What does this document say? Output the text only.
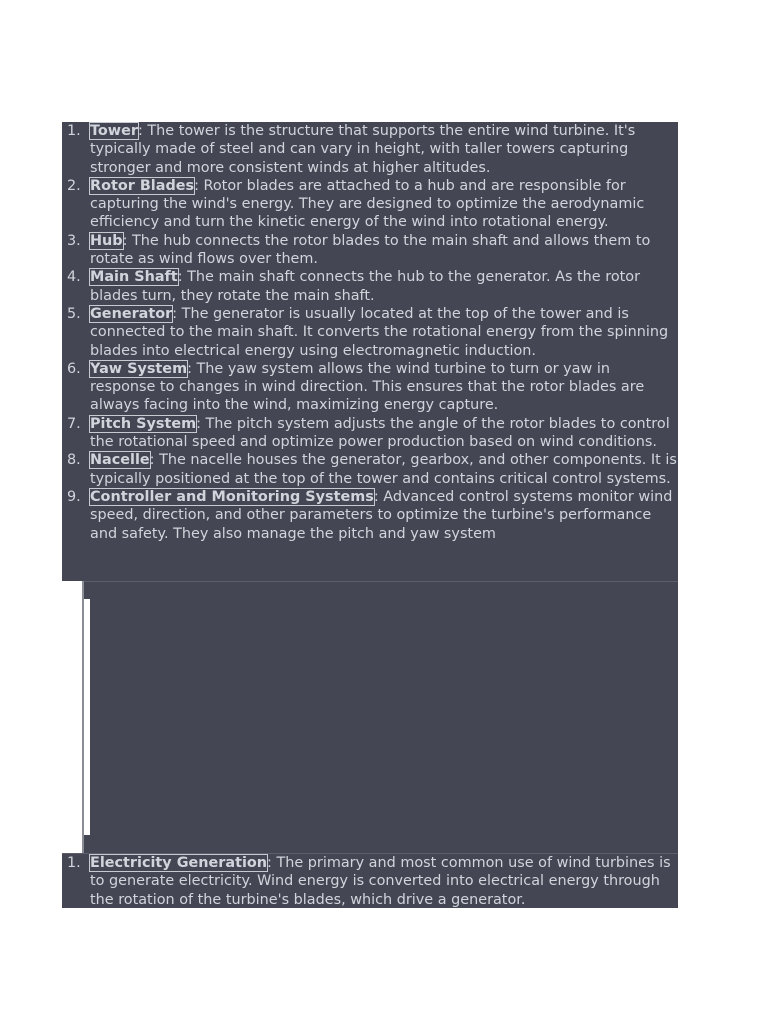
1. Tower: The tower is the structure that supports the entire wind turbine. It's typically made of steel and can vary in height, with taller towers capturing stronger and more consistent winds at higher altitudes.
2. Rotor Blades: Rotor blades are attached to a hub and are responsible for capturing the wind's energy. They are designed to optimize the aerodynamic efficiency and turn the kinetic energy of the wind into rotational energy.
3. Hub: The hub connects the rotor blades to the main shaft and allows them to rotate as wind flows over them.
4. Main Shaft: The main shaft connects the hub to the generator. As the rotor blades turn, they rotate the main shaft.
5. Generator: The generator is usually located at the top of the tower and is connected to the main shaft. It converts the rotational energy from the spinning blades into electrical energy using electromagnetic induction.
6. Yaw System: The yaw system allows the wind turbine to turn or yaw in response to changes in wind direction. This ensures that the rotor blades are always facing into the wind, maximizing energy capture.
7. Pitch System: The pitch system adjusts the angle of the rotor blades to control the rotational speed and optimize power production based on wind conditions.
8. Nacelle: The nacelle houses the generator, gearbox, and other components. It is typically positioned at the top of the tower and contains critical control systems.
9. Controller and Monitoring Systems: Advanced control systems monitor wind speed, direction, and other parameters to optimize the turbine's performance and safety. They also manage the pitch and yaw system
1. Electricity Generation: The primary and most common use of wind turbines is to generate electricity. Wind energy is converted into electrical energy through the rotation of the turbine's blades, which drive a generator.
